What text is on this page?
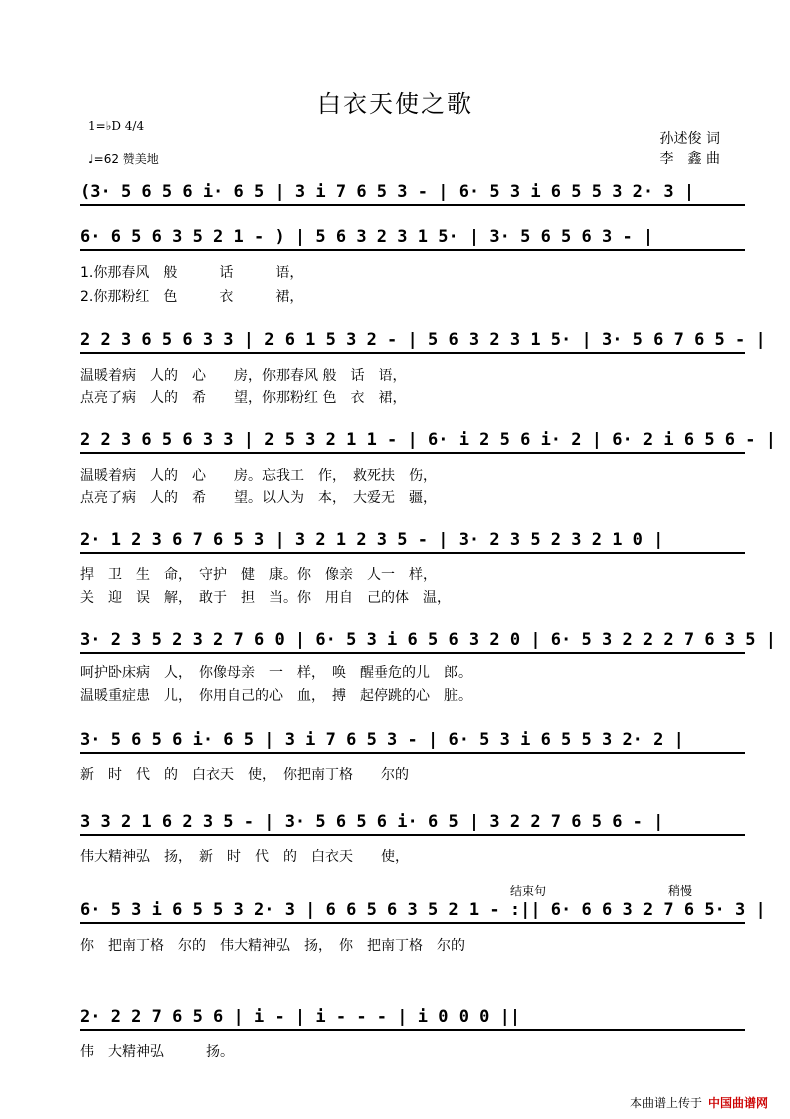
白衣天使之歌
1=♭D 4/4
♩=62 赞美地
孙述俊 词
李　鑫 曲
(3· 5 6 5 6 i· 6 5 | 3 i 7 6 5 3 - | 6· 5 3 i 6 5 5 3 2· 3 |
6· 6 5 6 3 5 2 1 - ) | 5 6 3 2 3 1 5· | 3· 5 6 5 6 3 - |
1.你那春风　般　　　话　　　语，
2.你那粉红　色　　　衣　　　裙，
2 2 3 6 5 6 3 3 | 2 6 1 5 3 2 - | 5 6 3 2 3 1 5· | 3· 5 6 7 6 5 - |
温暖着病　人的　心　　房，你那春风 般　话　语，
点亮了病　人的　希　　望，你那粉红 色　衣　裙，
2 2 3 6 5 6 3 3 | 2 5 3 2 1 1 - | 6· i 2 5 6 i· 2 | 6· 2 i 6 5 6 - |
温暖着病　人的　心　　房。忘我工　作，　救死扶　伤，
点亮了病　人的　希　　望。以人为　本，　大爱无　疆，
2· 1 2 3 6 7 6 5 3 | 3 2 1 2 3 5 - | 3· 2 3 5 2 3 2 1 0 |
捍　卫　生　命，　守护　健　康。你　像亲　人一　样，
关　迎　误　解，　敢于　担　当。你　用自　己的体　温，
3· 2 3 5 2 3 2 7 6 0 | 6· 5 3 i 6 5 6 3 2 0 | 6· 5 3 2 2 2 7 6 3 5 |
呵护卧床病　人，　你像母亲　一　样，　唤　醒垂危的儿　郎。
温暖重症患　儿，　你用自己的心　血，　搏　起停跳的心　脏。
3· 5 6 5 6 i· 6 5 | 3 i 7 6 5 3 - | 6· 5 3 i 6 5 5 3 2· 2 |
新　时　代　的　白衣天　使，　你把南丁格　　尔的
3 3 2 1 6 2 3 5 - | 3· 5 6 5 6 i· 6 5 | 3 2 2 7 6 5 6 - |
伟大精神弘　扬，　新　时　代　的　白衣天　　使，
结束句	稍慢
6· 5 3 i 6 5 5 3 2· 3 | 6 6 5 6 3 5 2 1 - :|| 6· 6 6 3 2 7 6 5· 3 |
你　把南丁格　尔的　伟大精神弘　扬，　你　把南丁格　尔的
2· 2 2 7 6 5 6 | i - | i - - - | i 0 0 0 ||
伟　大精神弘　　　扬。
本曲谱上传于 中国曲谱网
